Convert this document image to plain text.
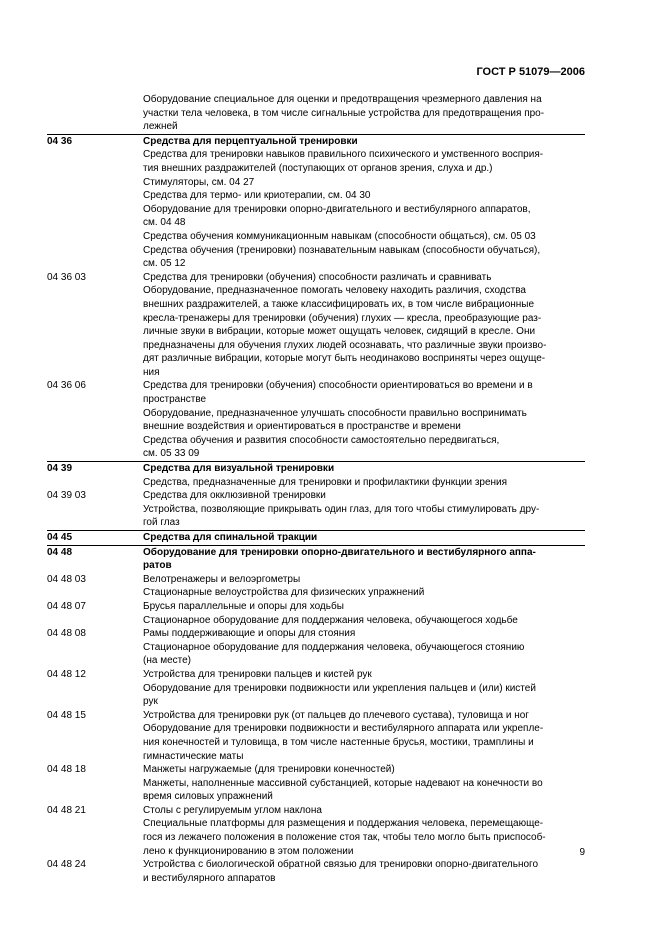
ГОСТ Р 51079—2006
Оборудование специальное для оценки и предотвращения чрезмерного давления на
участки тела человека, в том числе сигнальные устройства для предотвращения про-
лежней
04 36	Средства для перцептуальной тренировки
Средства для тренировки навыков правильного психического и умственного восприя-
тия внешних раздражителей (поступающих от органов зрения, слуха и др.)
Стимуляторы, см. 04 27
Средства для термо- или криотерапии, см. 04 30
Оборудование для тренировки опорно-двигательного и вестибулярного аппаратов,
см. 04 48
Средства обучения коммуникационным навыкам (способности общаться), см. 05 03
Средства обучения (тренировки) познавательным навыкам (способности обучаться),
см. 05 12
04 36 03	Средства для тренировки (обучения) способности различать и сравнивать
Оборудование, предназначенное помогать человеку находить различия, сходства
внешних раздражителей, а также классифицировать их, в том числе вибрационные
кресла-тренажеры для тренировки (обучения) глухих — кресла, преобразующие раз-
личные звуки в вибрации, которые может ощущать человек, сидящий в кресле. Они
предназначены для обучения глухих людей осознавать, что различные звуки произво-
дят различные вибрации, которые могут быть неодинаково восприняты через ощуще-
ния
04 36 06	Средства для тренировки (обучения) способности ориентироваться во времени и в
пространстве
Оборудование, предназначенное улучшать способности правильно воспринимать
внешние воздействия и ориентироваться в пространстве и времени
Средства обучения и развития способности самостоятельно передвигаться,
см. 05 33 09
04 39	Средства для визуальной тренировки
Средства, предназначенные для тренировки и профилактики функции зрения
04 39 03	Средства для окклюзивной тренировки
Устройства, позволяющие прикрывать один глаз, для того чтобы стимулировать дру-
гой глаз
04 45	Средства для спинальной тракции
04 48	Оборудование для тренировки опорно-двигательного и вестибулярного аппа-
ратов
04 48 03	Велотренажеры и велоэргометры
Стационарные велоустройства для физических упражнений
04 48 07	Брусья параллельные и опоры для ходьбы
Стационарное оборудование для поддержания человека, обучающегося ходьбе
04 48 08	Рамы поддерживающие и опоры для стояния
Стационарное оборудование для поддержания человека, обучающегося стоянию
(на месте)
04 48 12	Устройства для тренировки пальцев и кистей рук
Оборудование для тренировки подвижности или укрепления пальцев и (или) кистей
рук
04 48 15	Устройства для тренировки рук (от пальцев до плечевого сустава), туловища и ног
Оборудование для тренировки подвижности и вестибулярного аппарата или укрепле-
ния конечностей и туловища, в том числе настенные брусья, мостики, трамплины и
гимнастические маты
04 48 18	Манжеты нагружаемые (для тренировки конечностей)
Манжеты, наполненные массивной субстанцией, которые надевают на конечности во
время силовых упражнений
04 48 21	Столы с регулируемым углом наклона
Специальные платформы для размещения и поддержания человека, перемещающе-
гося из лежачего положения в положение стоя так, чтобы тело могло быть приспособ-
лено к функционированию в этом положении
04 48 24	Устройства с биологической обратной связью для тренировки опорно-двигательного
и вестибулярного аппаратов
9
